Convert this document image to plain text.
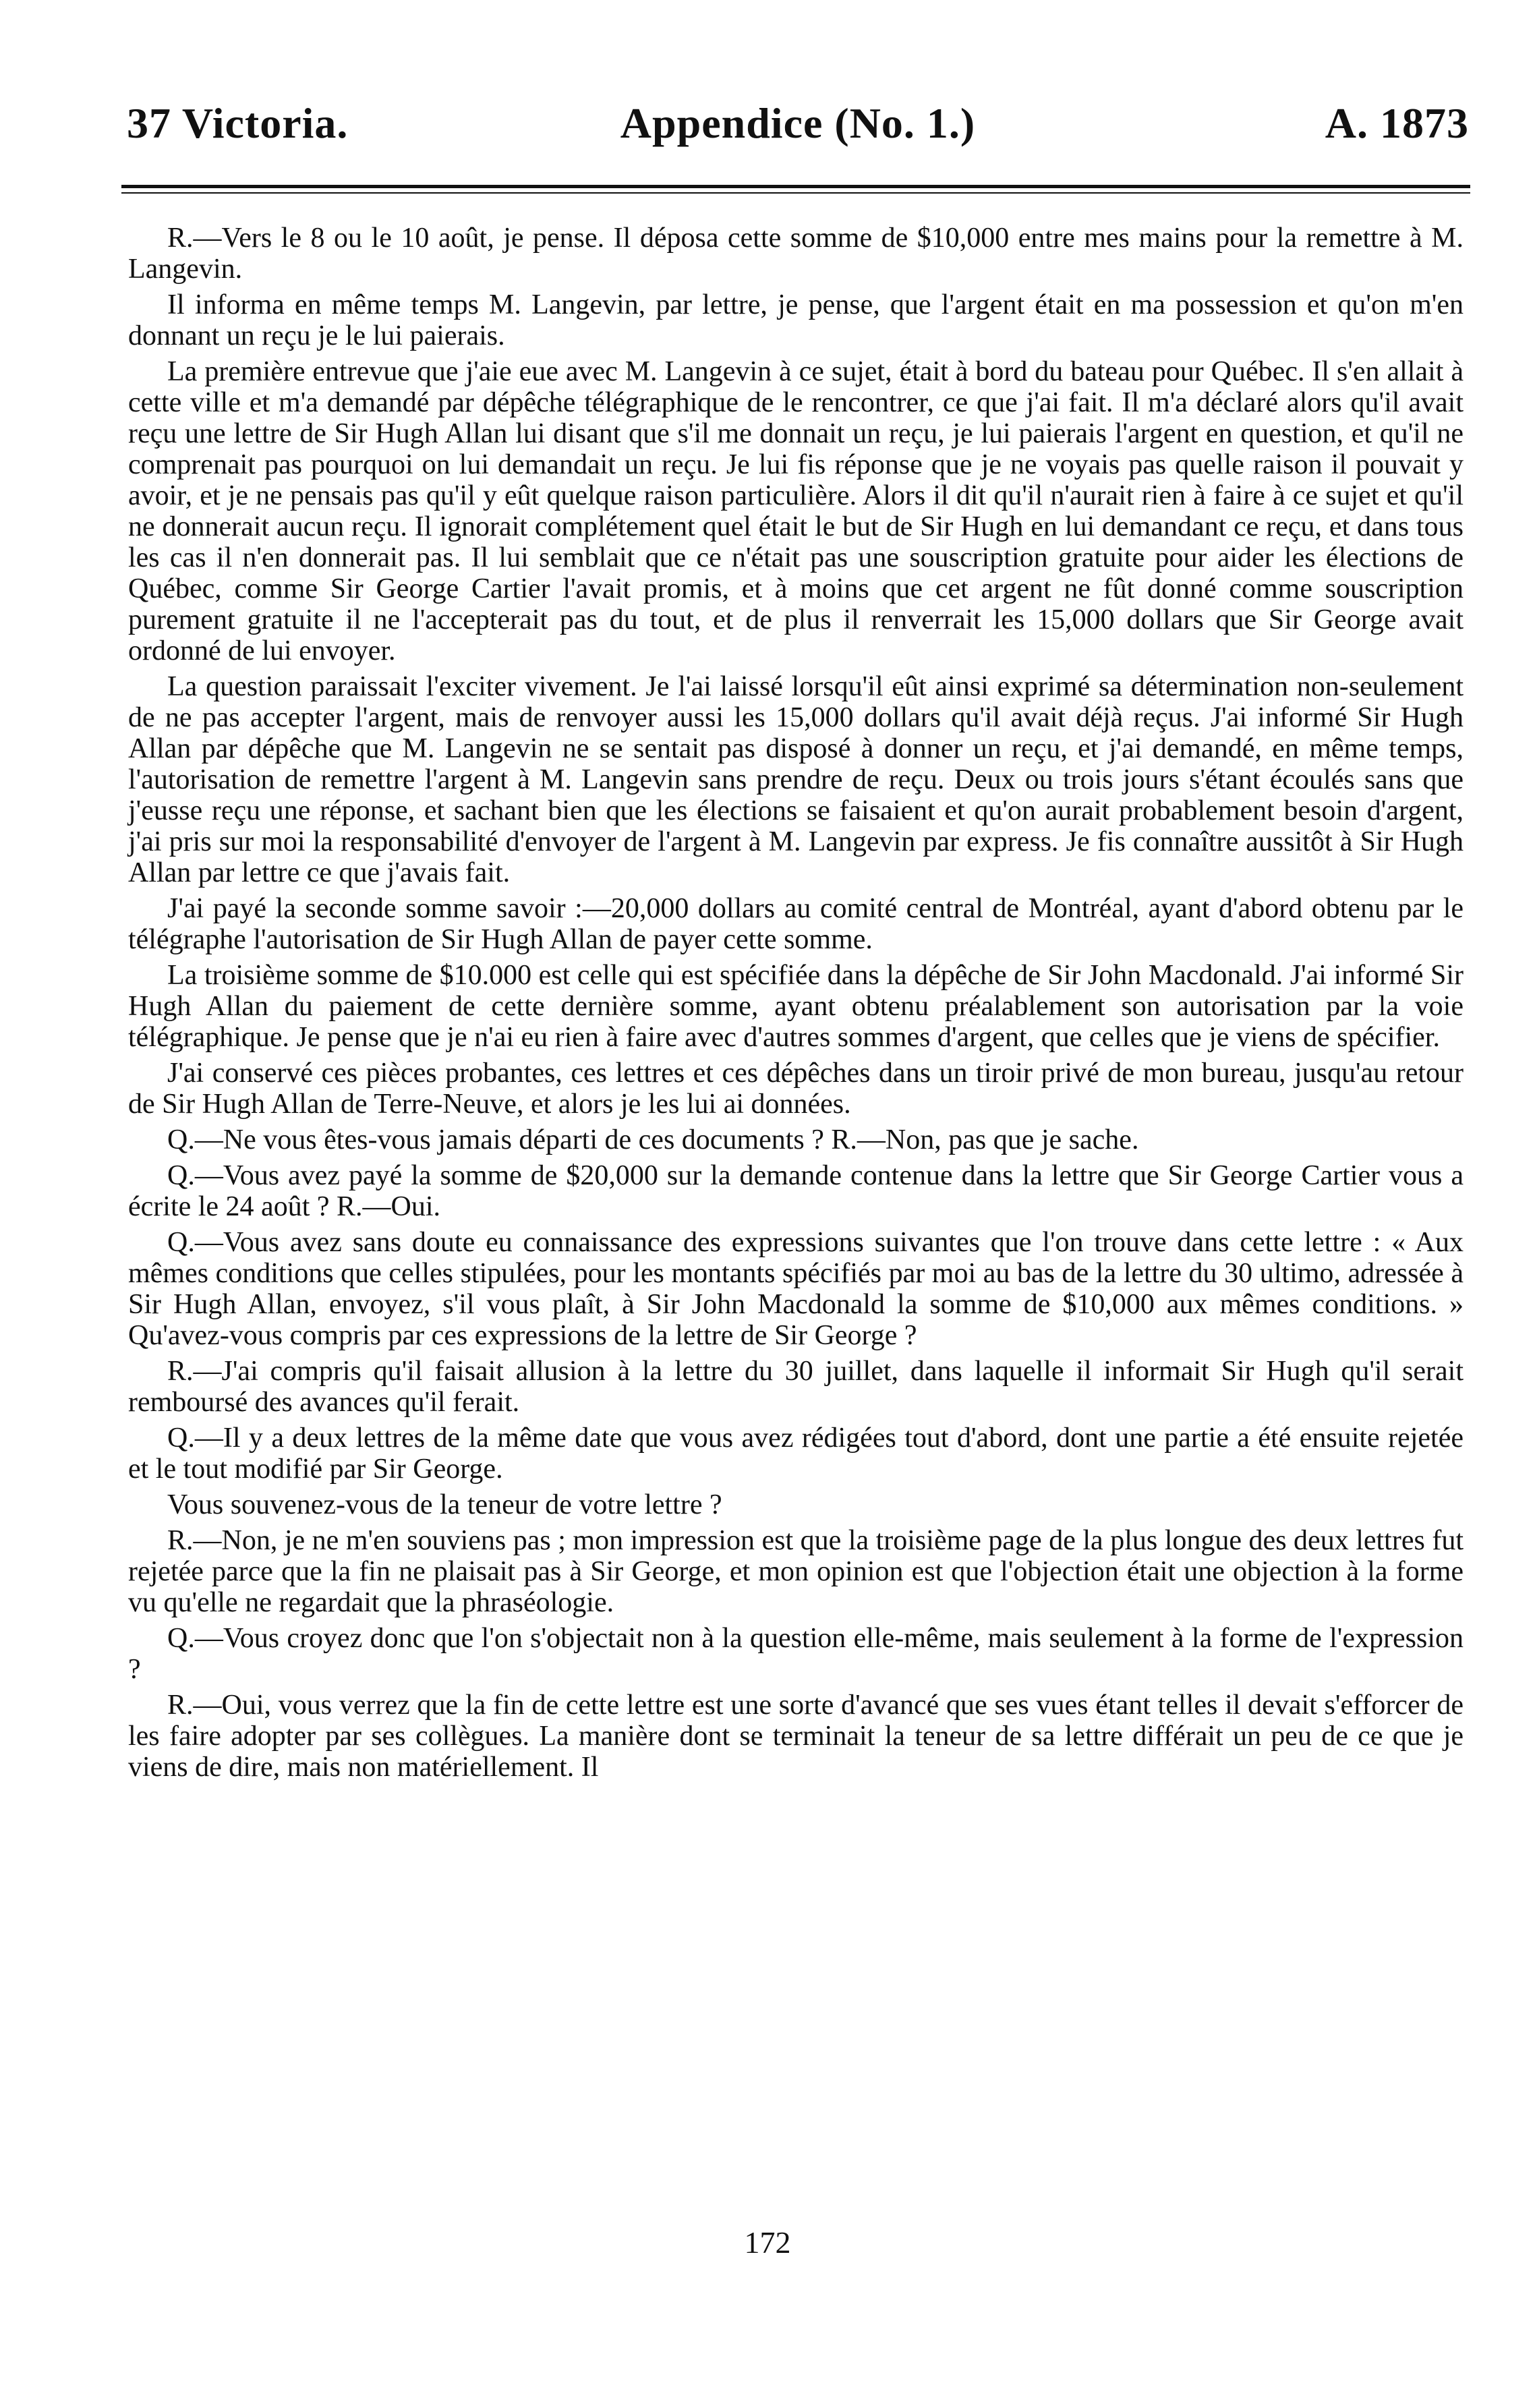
37 Victoria.	Appendice (No. 1.)	A. 1873

R.—Vers le 8 ou le 10 août, je pense. Il déposa cette somme de $10,000 entre mes mains pour la remettre à M. Langevin.

Il informa en même temps M. Langevin, par lettre, je pense, que l'argent était en ma possession et qu'on m'en donnant un reçu je le lui paierais.

La première entrevue que j'aie eue avec M. Langevin à ce sujet, était à bord du bateau pour Québec. Il s'en allait à cette ville et m'a demandé par dépêche télégraphique de le rencontrer, ce que j'ai fait. Il m'a déclaré alors qu'il avait reçu une lettre de Sir Hugh Allan lui disant que s'il me donnait un reçu, je lui paierais l'argent en question, et qu'il ne comprenait pas pourquoi on lui demandait un reçu. Je lui fis réponse que je ne voyais pas quelle raison il pouvait y avoir, et je ne pensais pas qu'il y eût quelque raison particulière. Alors il dit qu'il n'aurait rien à faire à ce sujet et qu'il ne donnerait aucun reçu. Il ignorait complétement quel était le but de Sir Hugh en lui demandant ce reçu, et dans tous les cas il n'en donnerait pas. Il lui semblait que ce n'était pas une souscription gratuite pour aider les élections de Québec, comme Sir George Cartier l'avait promis, et à moins que cet argent ne fût donné comme souscription purement gratuite il ne l'accepterait pas du tout, et de plus il renverrait les 15,000 dollars que Sir George avait ordonné de lui envoyer.

La question paraissait l'exciter vivement. Je l'ai laissé lorsqu'il eût ainsi exprimé sa détermination non-seulement de ne pas accepter l'argent, mais de renvoyer aussi les 15,000 dollars qu'il avait déjà reçus. J'ai informé Sir Hugh Allan par dépêche que M. Langevin ne se sentait pas disposé à donner un reçu, et j'ai demandé, en même temps, l'autorisation de remettre l'argent à M. Langevin sans prendre de reçu. Deux ou trois jours s'étant écoulés sans que j'eusse reçu une réponse, et sachant bien que les élections se faisaient et qu'on aurait probablement besoin d'argent, j'ai pris sur moi la responsabilité d'envoyer de l'argent à M. Langevin par express. Je fis connaître aussitôt à Sir Hugh Allan par lettre ce que j'avais fait.

J'ai payé la seconde somme savoir :—20,000 dollars au comité central de Montréal, ayant d'abord obtenu par le télégraphe l'autorisation de Sir Hugh Allan de payer cette somme.

La troisième somme de $10.000 est celle qui est spécifiée dans la dépêche de Sir John Macdonald. J'ai informé Sir Hugh Allan du paiement de cette dernière somme, ayant obtenu préalablement son autorisation par la voie télégraphique. Je pense que je n'ai eu rien à faire avec d'autres sommes d'argent, que celles que je viens de spécifier.

J'ai conservé ces pièces probantes, ces lettres et ces dépêches dans un tiroir privé de mon bureau, jusqu'au retour de Sir Hugh Allan de Terre-Neuve, et alors je les lui ai données.

Q.—Ne vous êtes-vous jamais départi de ces documents ? R.—Non, pas que je sache.

Q.—Vous avez payé la somme de $20,000 sur la demande contenue dans la lettre que Sir George Cartier vous a écrite le 24 août ? R.—Oui.

Q.—Vous avez sans doute eu connaissance des expressions suivantes que l'on trouve dans cette lettre : « Aux mêmes conditions que celles stipulées, pour les montants spécifiés par moi au bas de la lettre du 30 ultimo, adressée à Sir Hugh Allan, envoyez, s'il vous plaît, à Sir John Macdonald la somme de $10,000 aux mêmes conditions. » Qu'avez-vous compris par ces expressions de la lettre de Sir George ?

R.—J'ai compris qu'il faisait allusion à la lettre du 30 juillet, dans laquelle il informait Sir Hugh qu'il serait remboursé des avances qu'il ferait.

Q.—Il y a deux lettres de la même date que vous avez rédigées tout d'abord, dont une partie a été ensuite rejetée et le tout modifié par Sir George.

Vous souvenez-vous de la teneur de votre lettre ?

R.—Non, je ne m'en souviens pas ; mon impression est que la troisième page de la plus longue des deux lettres fut rejetée parce que la fin ne plaisait pas à Sir George, et mon opinion est que l'objection était une objection à la forme vu qu'elle ne regardait que la phraséologie.

Q.—Vous croyez donc que l'on s'objectait non à la question elle-même, mais seulement à la forme de l'expression ?

R.—Oui, vous verrez que la fin de cette lettre est une sorte d'avancé que ses vues étant telles il devait s'efforcer de les faire adopter par ses collègues. La manière dont se terminait la teneur de sa lettre différait un peu de ce que je viens de dire, mais non matériellement. Il

172
